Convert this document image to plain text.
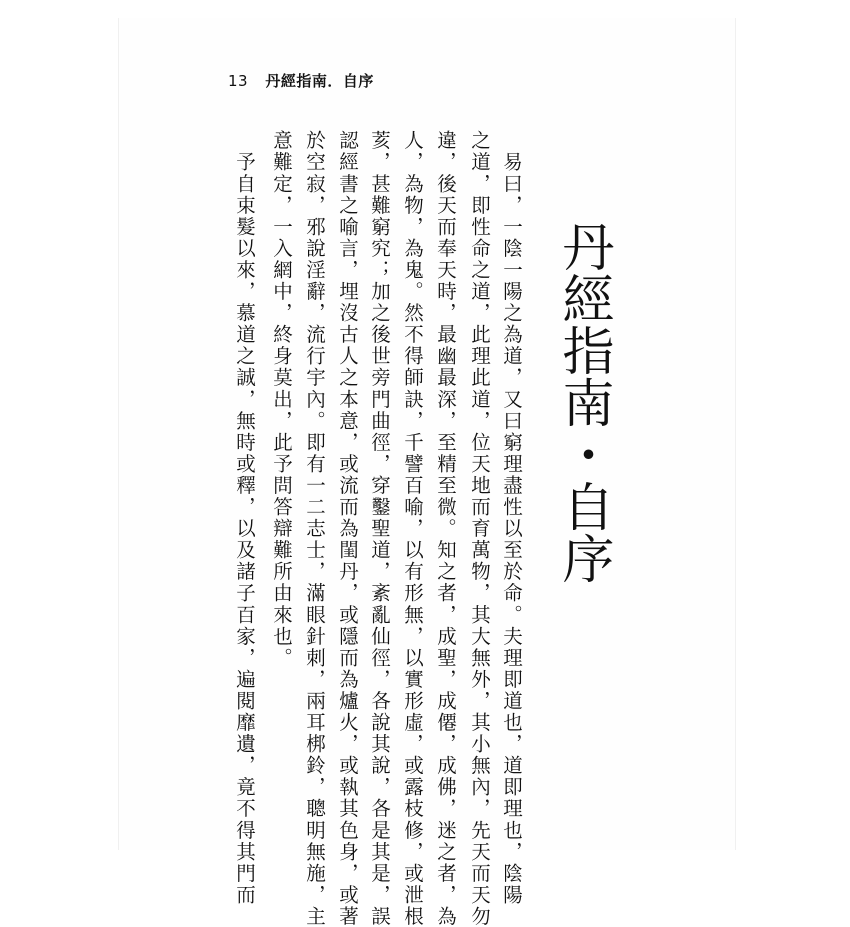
13 丹經指南．自序
丹經指南・自序
　易曰，一陰一陽之為道，又曰窮理盡性以至於命。夫理即道也，道即理也，陰陽
之道，即性命之道，此理此道，位天地而育萬物，其大無外，其小無內，先天而天勿
違，後天而奉天時，最幽最深，至精至微。知之者，成聖，成僊，成佛，迷之者，為
人，為物，為鬼。然不得師訣，千譬百喻，以有形無，以實形虛，或露枝修，或泄根
荄，甚難窮究；加之後世旁門曲徑，穿鑿聖道，紊亂仙徑，各說其說，各是其是，誤
認經書之喻言，埋沒古人之本意，或流而為閨丹，或隱而為爐火，或執其色身，或著
於空寂，邪說淫辭，流行宇內。即有一二志士，滿眼針刺，兩耳梆鈴，聰明無施，主
意難定，一入網中，終身莫出，此予問答辯難所由來也。
　予自束髮以來，慕道之誠，無時或釋，以及諸子百家，遍閱靡遺，竟不得其門而
